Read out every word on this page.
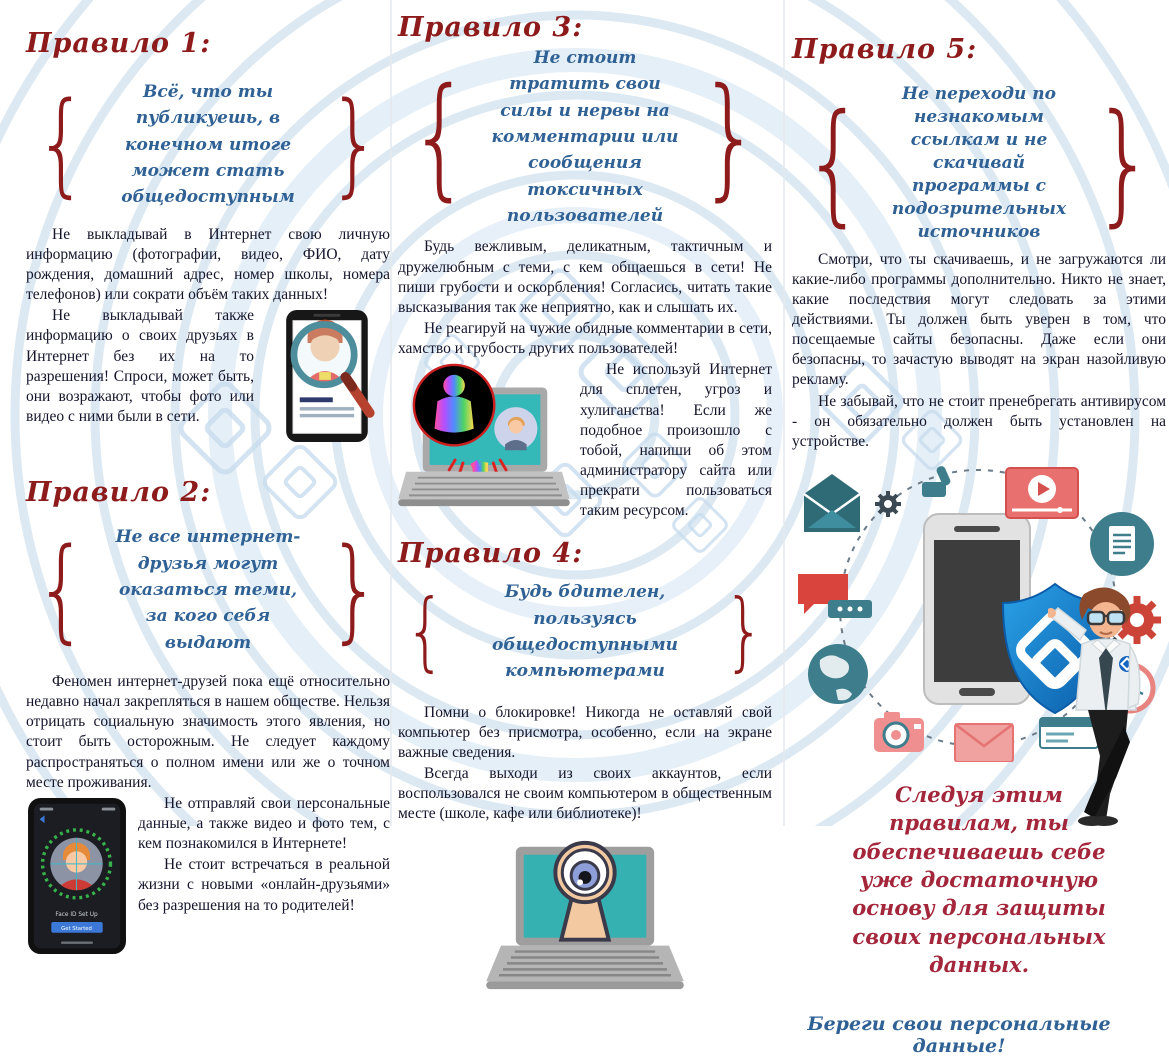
Правило 1:
{	Всё, что ты публикуешь, в конечном итоге может стать общедоступным }

Не выкладывай в Интернет свою личную информацию (фотографии, видео, ФИО, дату рождения, домашний адрес, номер школы, номера телефонов) или сократи объём таких данных!

Не выкладывай также информацию о своих друзьях в Интернет без их на то разрешения! Спроси, может быть, они возражают, чтобы фото или видео с ними были в сети.

Правило 2:
{	Не все интернет-друзья могут оказаться теми, за кого себя выдают }

Феномен интернет-друзей пока ещё относительно недавно начал закрепляться в нашем обществе. Нельзя отрицать социальную значимость этого явления, но стоит быть осторожным. Не следует каждому распространяться о полном имени или же о точном месте проживания.

Face ID Set Up
Get Started

Не отправляй свои персональные данные, а также видео и фото тем, с кем познакомился в Интернете!

Не стоит встречаться в реальной жизни с новыми «онлайн-друзьями» без разрешения на то родителей!

Правило 3:
{
Не стоит тратить свои силы и нервы на комментарии или сообщения токсичных пользователей
}

Будь вежливым, деликатным, тактичным и дружелюбным с теми, с кем общаешься в сети! Не пиши грубости и оскорбления! Согласись, читать такие высказывания так же неприятно, как и слышать их.

Не реагируй на чужие обидные комментарии в сети, хамство и грубость других пользователей!

Не используй Интернет для сплетен, угроз и хулиганства! Если же подобное произошло с тобой, напиши об этом администратору сайта или прекрати пользоваться таким ресурсом.

Правило 4:
{	Будь бдителен, пользуясь общедоступными компьютерами }

Помни о блокировке! Никогда не оставляй свой компьютер без присмотра, особенно, если на экране важные сведения.

Всегда выходи из своих аккаунтов, если воспользовался не своим компьютером в общественным месте (школе, кафе или библиотеке)!

Правило 5:
{	Не переходи по незнакомым ссылкам и не скачивай программы с подозрительных источников }

Смотри, что ты скачиваешь, и не загружаются ли какие-либо программы дополнительно. Никто не знает, какие последствия могут следовать за этими действиями. Ты должен быть уверен в том, что посещаемые сайты безопасны. Даже если они безопасны, то зачастую выводят на экран назойливую рекламу.

Не забывай, что не стоит пренебрегать антивирусом - он обязательно должен быть установлен на устройстве.

Следуя этим правилам, ты обеспечиваешь себе уже достаточную основу для защиты своих персональных данных.
Береги свои персональные данные!
